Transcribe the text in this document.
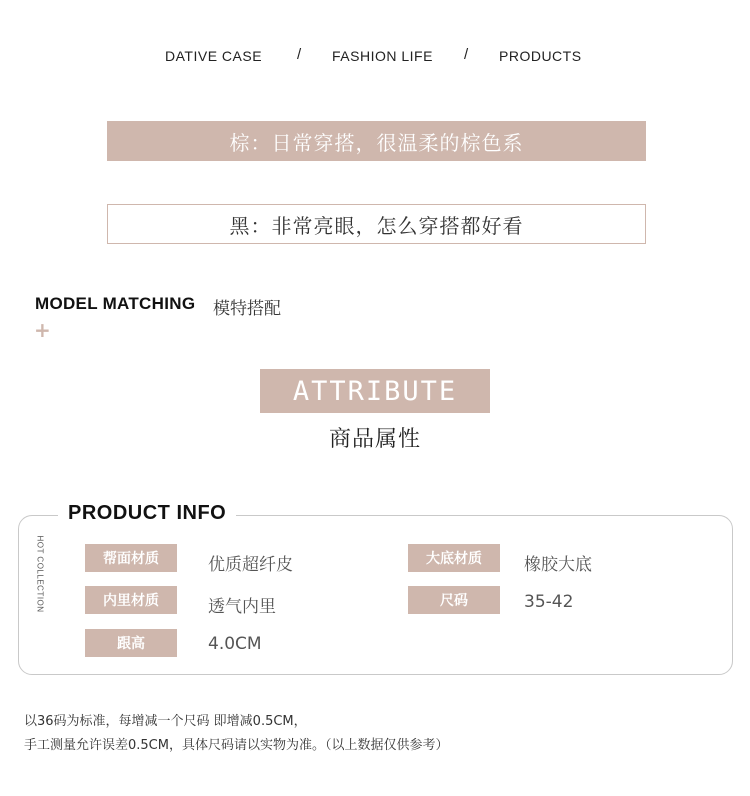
DATIVE CASE / FASHION LIFE / PRODUCTS
棕：日常穿搭，很温柔的棕色系
黑：非常亮眼，怎么穿搭都好看
MODEL MATCHING 模特搭配
+
ATTRIBUTE
商品属性
PRODUCT INFO
HOT COLLECTION	帮面材质	优质超纤皮	大底材质	橡胶大底
内里材质	透气内里	尺码	35-42
跟高	4.0CM
以36码为标准，每增减一个尺码 即增减0.5CM，
手工测量允许误差0.5CM，具体尺码请以实物为准。（以上数据仅供参考）
